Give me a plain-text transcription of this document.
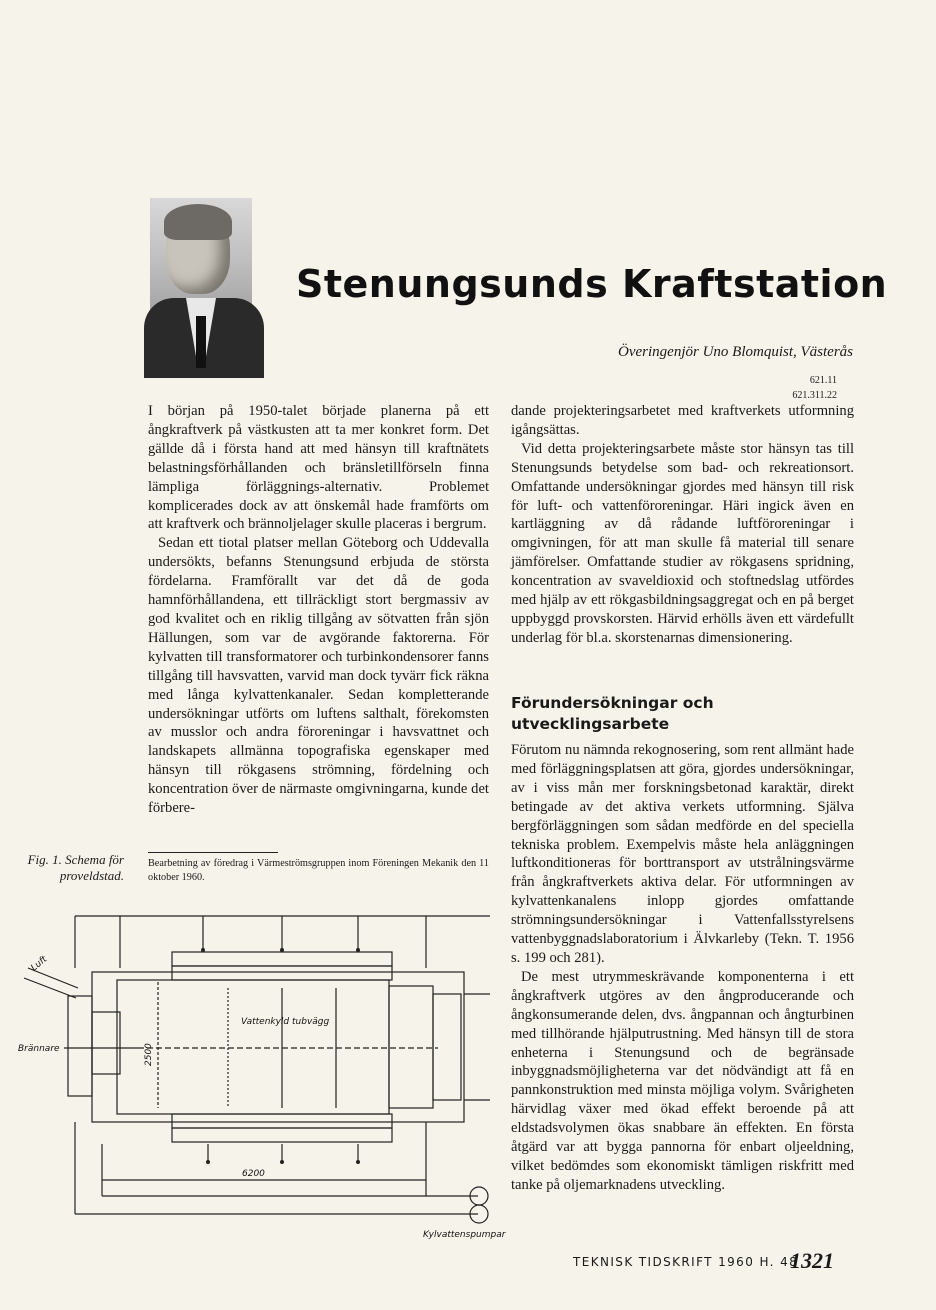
Stenungsunds Kraftstation
Överingenjör Uno Blomquist, Västerås
621.11
621.311.22

I början på 1950-talet började planerna på ett ångkraftverk på västkusten att ta mer konkret form. Det gällde då i första hand att med hänsyn till kraftnätets belastningsförhållanden och bränsletillförseln finna lämpliga förläggnings-alternativ. Problemet komplicerades dock av att önskemål hade framförts om att kraftverk och brännoljelager skulle placeras i bergrum.

Sedan ett tiotal platser mellan Göteborg och Uddevalla undersökts, befanns Stenungsund erbjuda de största fördelarna. Framförallt var det då de goda hamnförhållandena, ett tillräckligt stort bergmassiv av god kvalitet och en riklig tillgång av sötvatten från sjön Hällungen, som var de avgörande faktorerna. För kylvatten till transformatorer och turbinkondensorer fanns tillgång till havsvatten, varvid man dock tyvärr fick räkna med långa kylvattenkanaler. Sedan kompletterande undersökningar utförts om luftens salthalt, förekomsten av musslor och andra föroreningar i havsvattnet och landskapets allmänna topografiska egenskaper med hänsyn till rökgasens strömning, fördelning och koncentration över de närmaste omgivningarna, kunde det förbere-

Bearbetning av föredrag i Värmeströmsgruppen inom Föreningen Mekanik den 11 oktober 1960.
Fig. 1. Schema för proveldstad.
Luft
Brännare
Vattenkyld tubvägg
2500
6200
Kylvattenspumpar

dande projekteringsarbetet med kraftverkets utformning igångsättas.

Vid detta projekteringsarbete måste stor hänsyn tas till Stenungsunds betydelse som bad- och rekreationsort. Omfattande undersökningar gjordes med hänsyn till risk för luft- och vattenföroreningar. Häri ingick även en kartläggning av då rådande luftföroreningar i omgivningen, för att man skulle få material till senare jämförelser. Omfattande studier av rökgasens spridning, koncentration av svaveldioxid och stoftnedslag utfördes med hjälp av ett rökgasbildningsaggregat och en på berget uppbyggd provskorsten. Härvid erhölls även ett värdefullt underlag för bl.a. skorstenarnas dimensionering.

Förundersökningar och utvecklingsarbete

Förutom nu nämnda rekognosering, som rent allmänt hade med förläggningsplatsen att göra, gjordes undersökningar, av i viss mån mer forskningsbetonad karaktär, direkt betingade av det aktiva verkets utformning. Själva bergförläggningen som sådan medförde en del speciella tekniska problem. Exempelvis måste hela anläggningen luftkonditioneras för borttransport av utstrålningsvärme från ångkraftverkets aktiva delar. För utformningen av kylvattenkanalens inlopp gjordes omfattande strömningsundersökningar i Vattenfallsstyrelsens vattenbyggnadslaboratorium i Älvkarleby (Tekn. T. 1956 s. 199 och 281).

De mest utrymmeskrävande komponenterna i ett ångkraftverk utgöres av den ångproducerande och ångkonsumerande delen, dvs. ångpannan och ångturbinen med tillhörande hjälputrustning. Med hänsyn till de stora enheterna i Stenungsund och de begränsade inbyggnadsmöjligheterna var det nödvändigt att få en pannkonstruktion med minsta möjliga volym. Svårigheten härvidlag växer med ökad effekt beroende på att eldstadsvolymen ökas snabbare än effekten. En första åtgärd var att bygga pannorna för enbart oljeeldning, vilket bedömdes som ekonomiskt tämligen riskfritt med tanke på oljemarknadens utveckling.

TEKNISK TIDSKRIFT 1960 H. 48
1321
